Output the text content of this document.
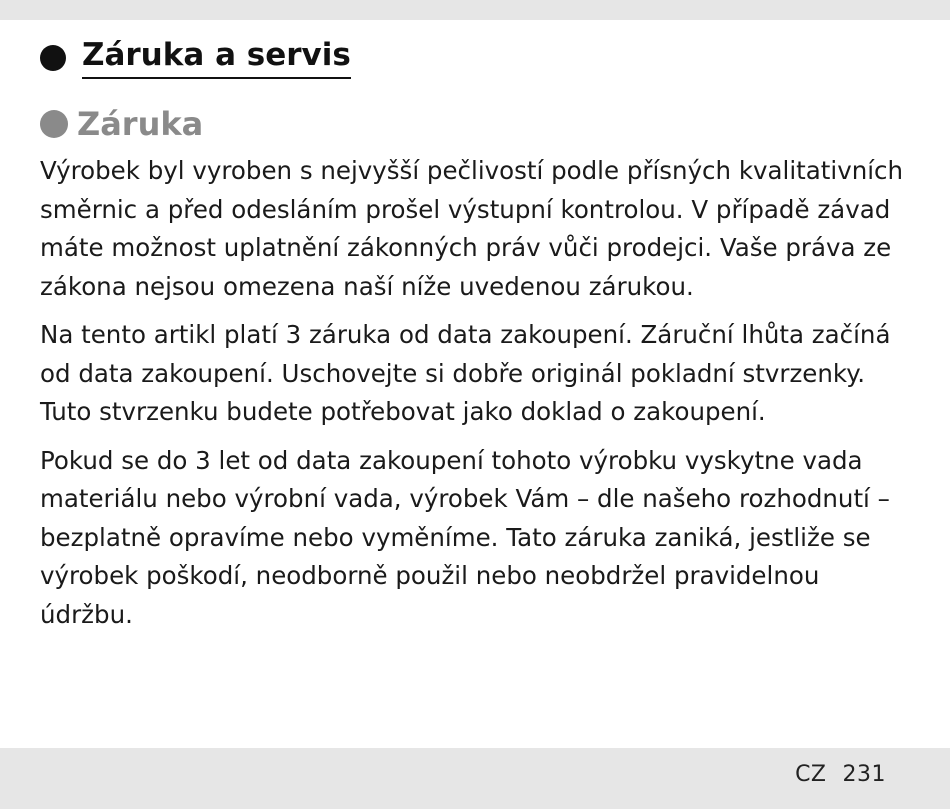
Záruka a servis
Záruka

Výrobek byl vyroben s nejvyšší pečlivostí podle přísných kvalitativních směrnic a před odesláním prošel výstupní kontrolou. V případě závad máte možnost uplatnění zákonných práv vůči prodejci. Vaše práva ze zákona nejsou omezena naší níže uvedenou zárukou.

Na tento artikl platí 3 záruka od data zakoupení. Záruční lhůta začíná od data zakoupení. Uschovejte si dobře originál pokladní stvrzenky. Tuto stvrzenku budete potřebovat jako doklad o zakoupení.

Pokud se do 3 let od data zakoupení tohoto výrobku vyskytne vada materiálu nebo výrobní vada, výrobek Vám – dle našeho rozhodnutí – bezplatně opravíme nebo vyměníme. Tato záruka zaniká, jestliže se výrobek poškodí, neodborně použil nebo neobdržel pravidelnou údržbu.

CZ 231
